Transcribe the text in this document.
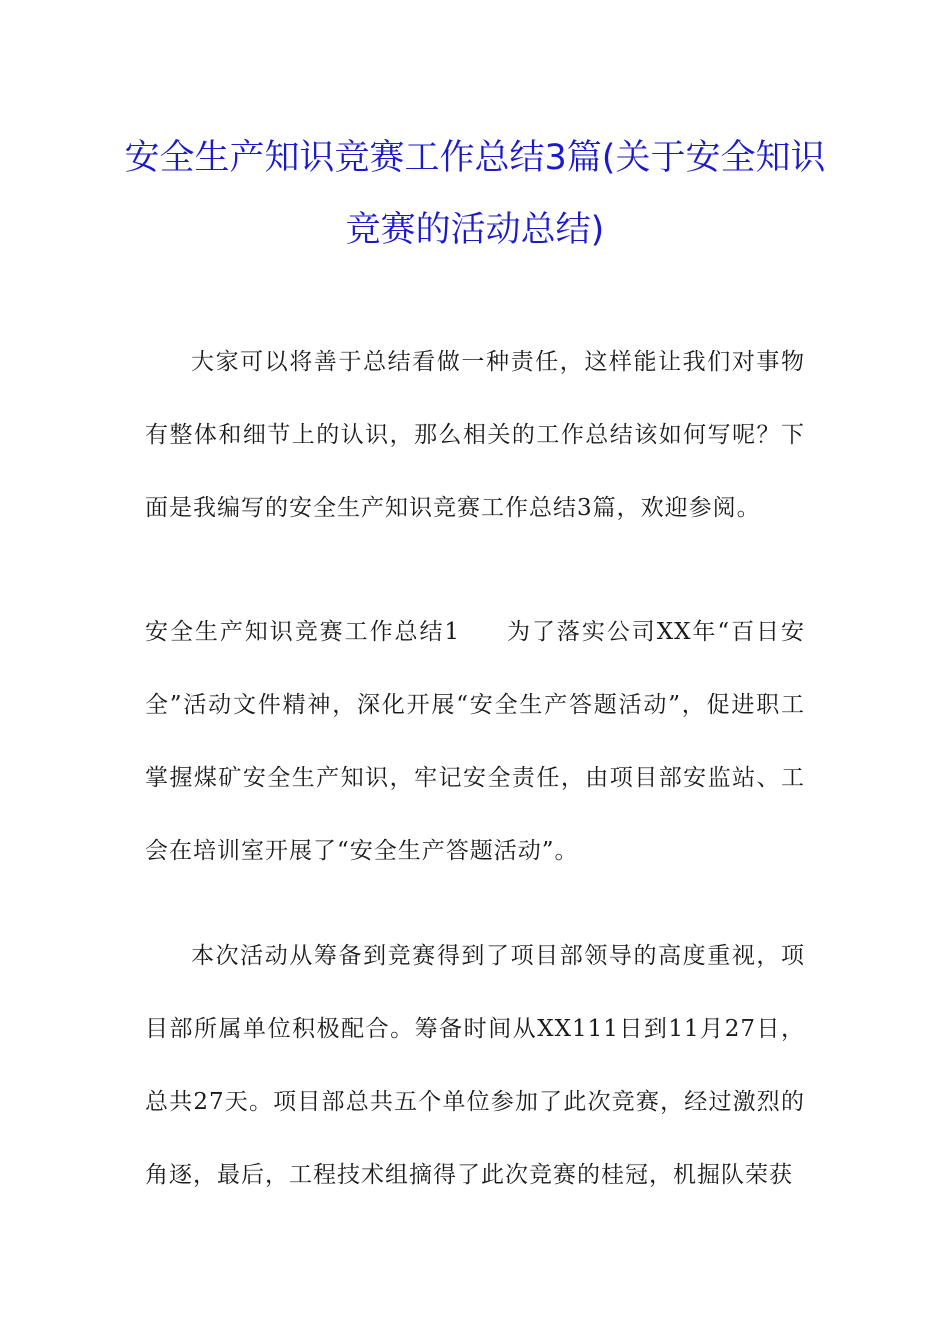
安全生产知识竞赛工作总结3篇(关于安全知识竞赛的活动总结)

大家可以将善于总结看做一种责任，这样能让我们对事物有整体和细节上的认识，那么相关的工作总结该如何写呢？下面是我编写的安全生产知识竞赛工作总结3篇，欢迎参阅。

安全生产知识竞赛工作总结1 为了落实公司XX年“百日安全”活动文件精神，深化开展“安全生产答题活动”，促进职工掌握煤矿安全生产知识，牢记安全责任，由项目部安监站、工会在培训室开展了“安全生产答题活动”。

本次活动从筹备到竞赛得到了项目部领导的高度重视，项目部所属单位积极配合。筹备时间从XX111日到11月27日，总共27天。项目部总共五个单位参加了此次竞赛，经过激烈的角逐，最后，工程技术组摘得了此次竞赛的桂冠，机掘队荣获
